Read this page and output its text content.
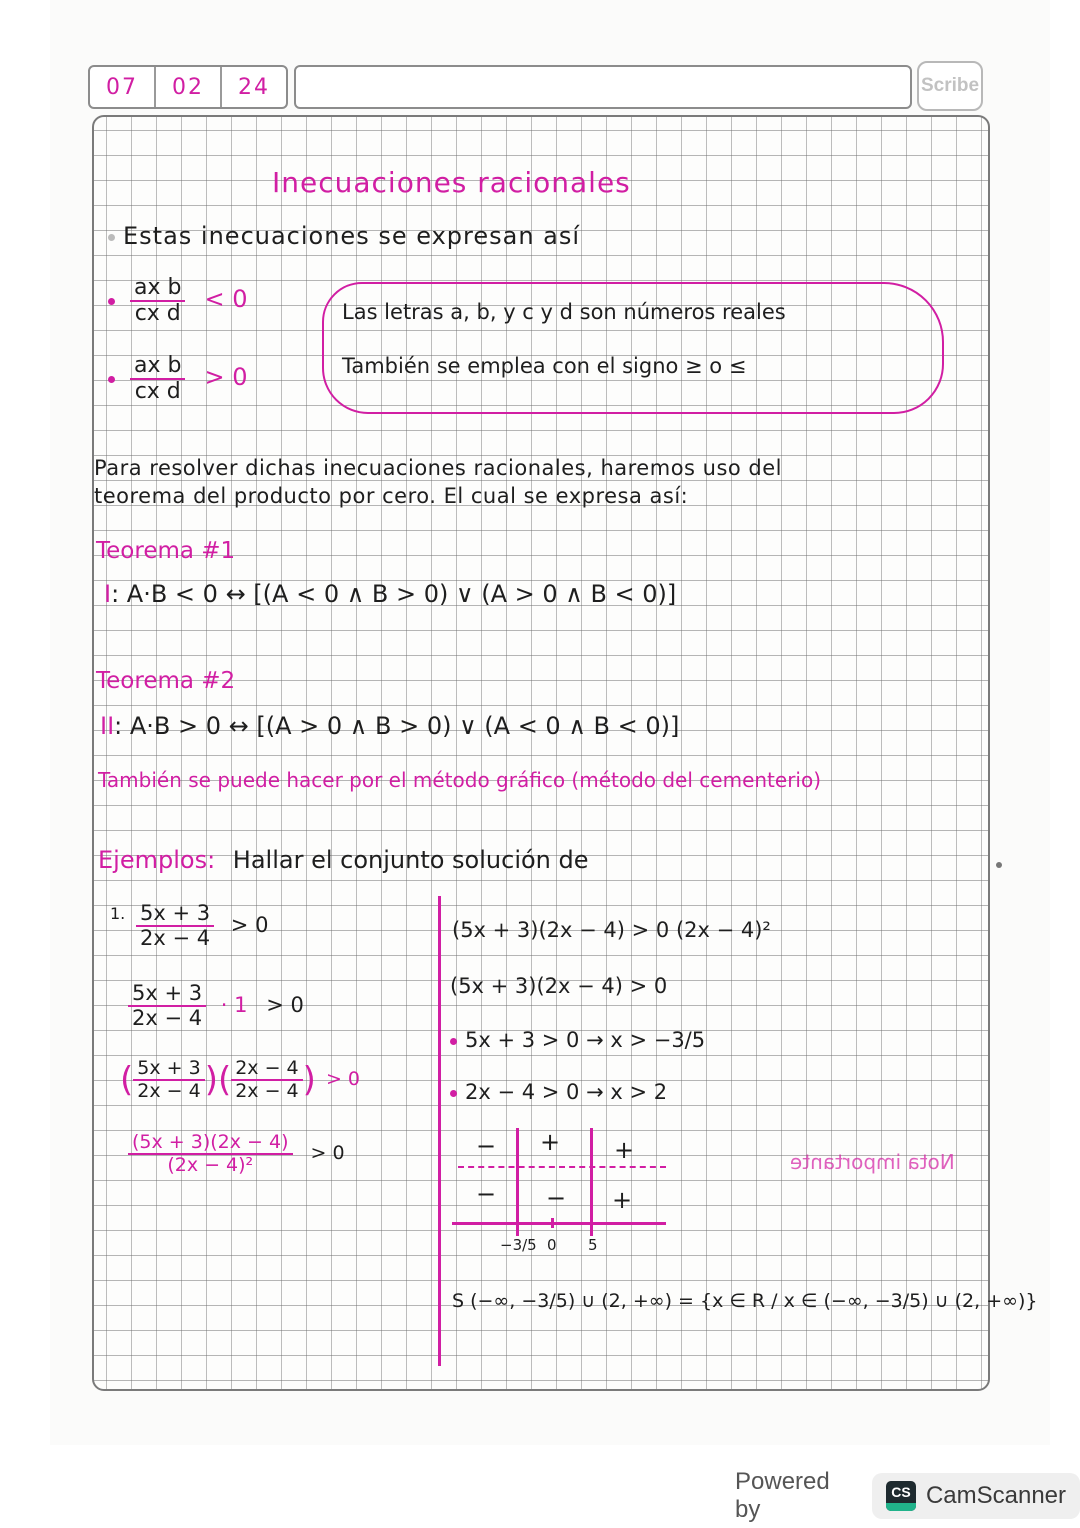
07	02	24	Scribe
Inecuaciones racionales
Estas inecuaciones se expresan así

$\frac{\text{ax b}}{\text{cx d}} < 0$

$\frac{\text{ax b}}{\text{cx d}} > 0$
Las letras a, b, y c y d son números reales
También se emplea con el signo ≥ o ≤
Para resolver dichas inecuaciones racionales, haremos uso del
teorema del producto por cero. El cual se expresa así:
Teorema #1
I: A·B < 0 ↔ [(A < 0 ∧ B > 0) ∨ (A > 0 ∧ B < 0)]
Teorema #2
II: A·B > 0 ↔ [(A > 0 ∧ B > 0) ∨ (A < 0 ∧ B < 0)]
También se puede hacer por el método gráfico (método del cementerio)
Ejemplos: Hallar el conjunto solución de
1. $\frac{5x + 3}{2x - 4} > 0$
$\frac{5x + 3}{2x - 4} \cdot 1 > 0$
( $\frac{5x + 3}{2x - 4}$ )( $\frac{2x - 4}{2x - 4}$ ) > 0
$\frac{(5x + 3)(2x - 4)}{\text{(2x − 4)²}} > 0$
(5x + 3)(2x − 4) > 0 (2x − 4)²
(5x + 3)(2x − 4) > 0
5x + 3 > 0 → x > −3/5
2x − 4 > 0 → x > 2
− + +
− − +
−3/5 0 5
S (−∞, −3/5) ∪ (2, +∞) = {x ∈ R / x ∈ (−∞, −3/5) ∪ (2, +∞)}
Nota importante
Powered by
CS CamScanner
